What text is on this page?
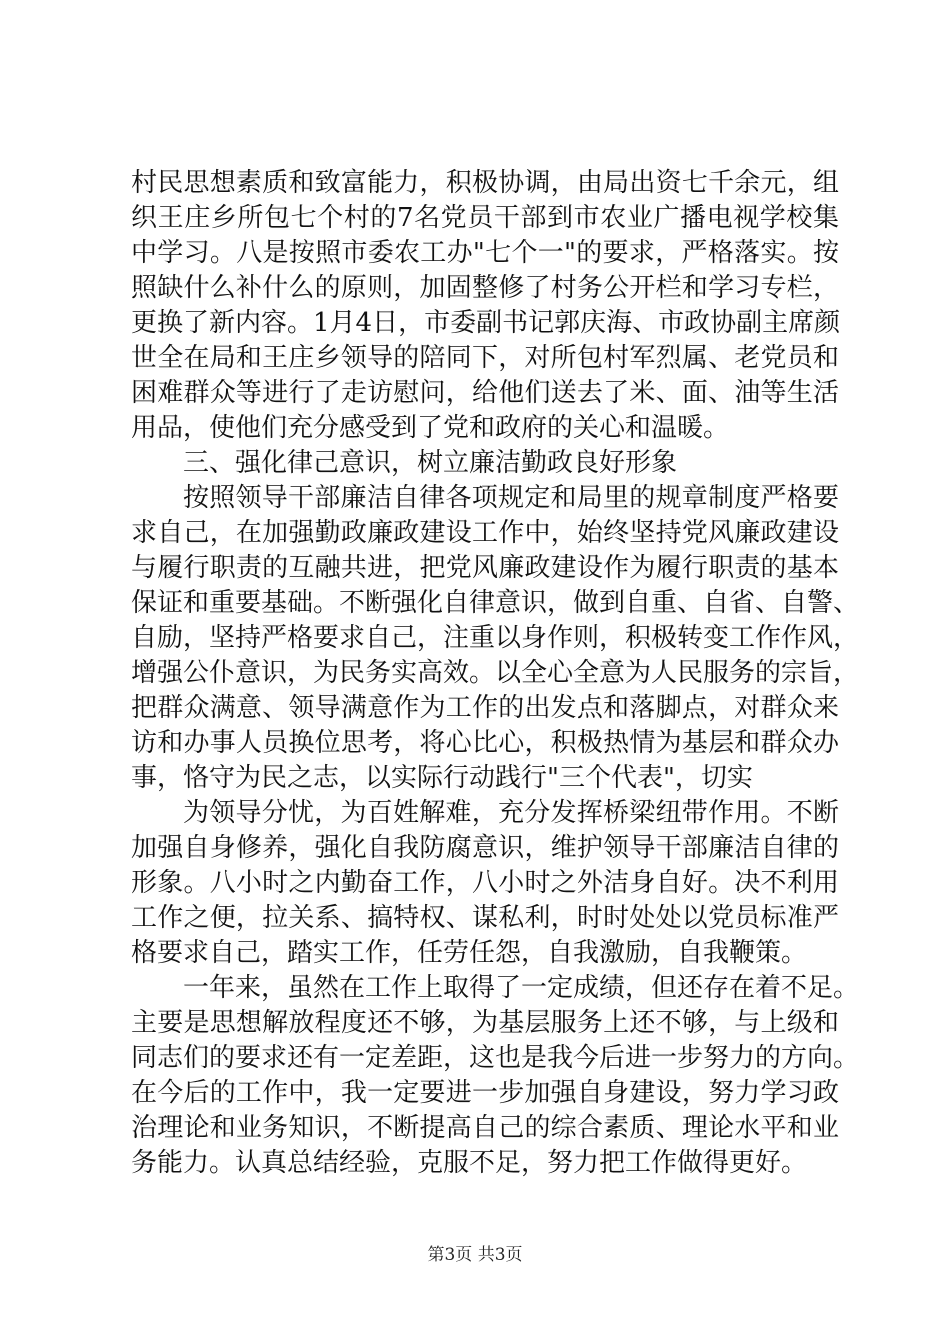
村民思想素质和致富能力，积极协调，由局出资七千余元，组
织王庄乡所包七个村的7名党员干部到市农业广播电视学校集
中学习。八是按照市委农工办"七个一"的要求，严格落实。按
照缺什么补什么的原则，加固整修了村务公开栏和学习专栏，
更换了新内容。1月4日，市委副书记郭庆海、市政协副主席颜
世全在局和王庄乡领导的陪同下，对所包村军烈属、老党员和
困难群众等进行了走访慰问，给他们送去了米、面、油等生活
用品，使他们充分感受到了党和政府的关心和温暖。
三、强化律己意识，树立廉洁勤政良好形象
按照领导干部廉洁自律各项规定和局里的规章制度严格要
求自己，在加强勤政廉政建设工作中，始终坚持党风廉政建设
与履行职责的互融共进，把党风廉政建设作为履行职责的基本
保证和重要基础。不断强化自律意识，做到自重、自省、自警、
自励，坚持严格要求自己，注重以身作则，积极转变工作作风，
增强公仆意识，为民务实高效。以全心全意为人民服务的宗旨，
把群众满意、领导满意作为工作的出发点和落脚点，对群众来
访和办事人员换位思考，将心比心，积极热情为基层和群众办
事，恪守为民之志，以实际行动践行"三个代表"，切实
为领导分忧，为百姓解难，充分发挥桥梁纽带作用。不断
加强自身修养，强化自我防腐意识，维护领导干部廉洁自律的
形象。八小时之内勤奋工作，八小时之外洁身自好。决不利用
工作之便，拉关系、搞特权、谋私利，时时处处以党员标准严
格要求自己，踏实工作，任劳任怨，自我激励，自我鞭策。
一年来，虽然在工作上取得了一定成绩，但还存在着不足。
主要是思想解放程度还不够，为基层服务上还不够，与上级和
同志们的要求还有一定差距，这也是我今后进一步努力的方向。
在今后的工作中，我一定要进一步加强自身建设，努力学习政
治理论和业务知识，不断提高自己的综合素质、理论水平和业
务能力。认真总结经验，克服不足，努力把工作做得更好。
第3页 共3页
